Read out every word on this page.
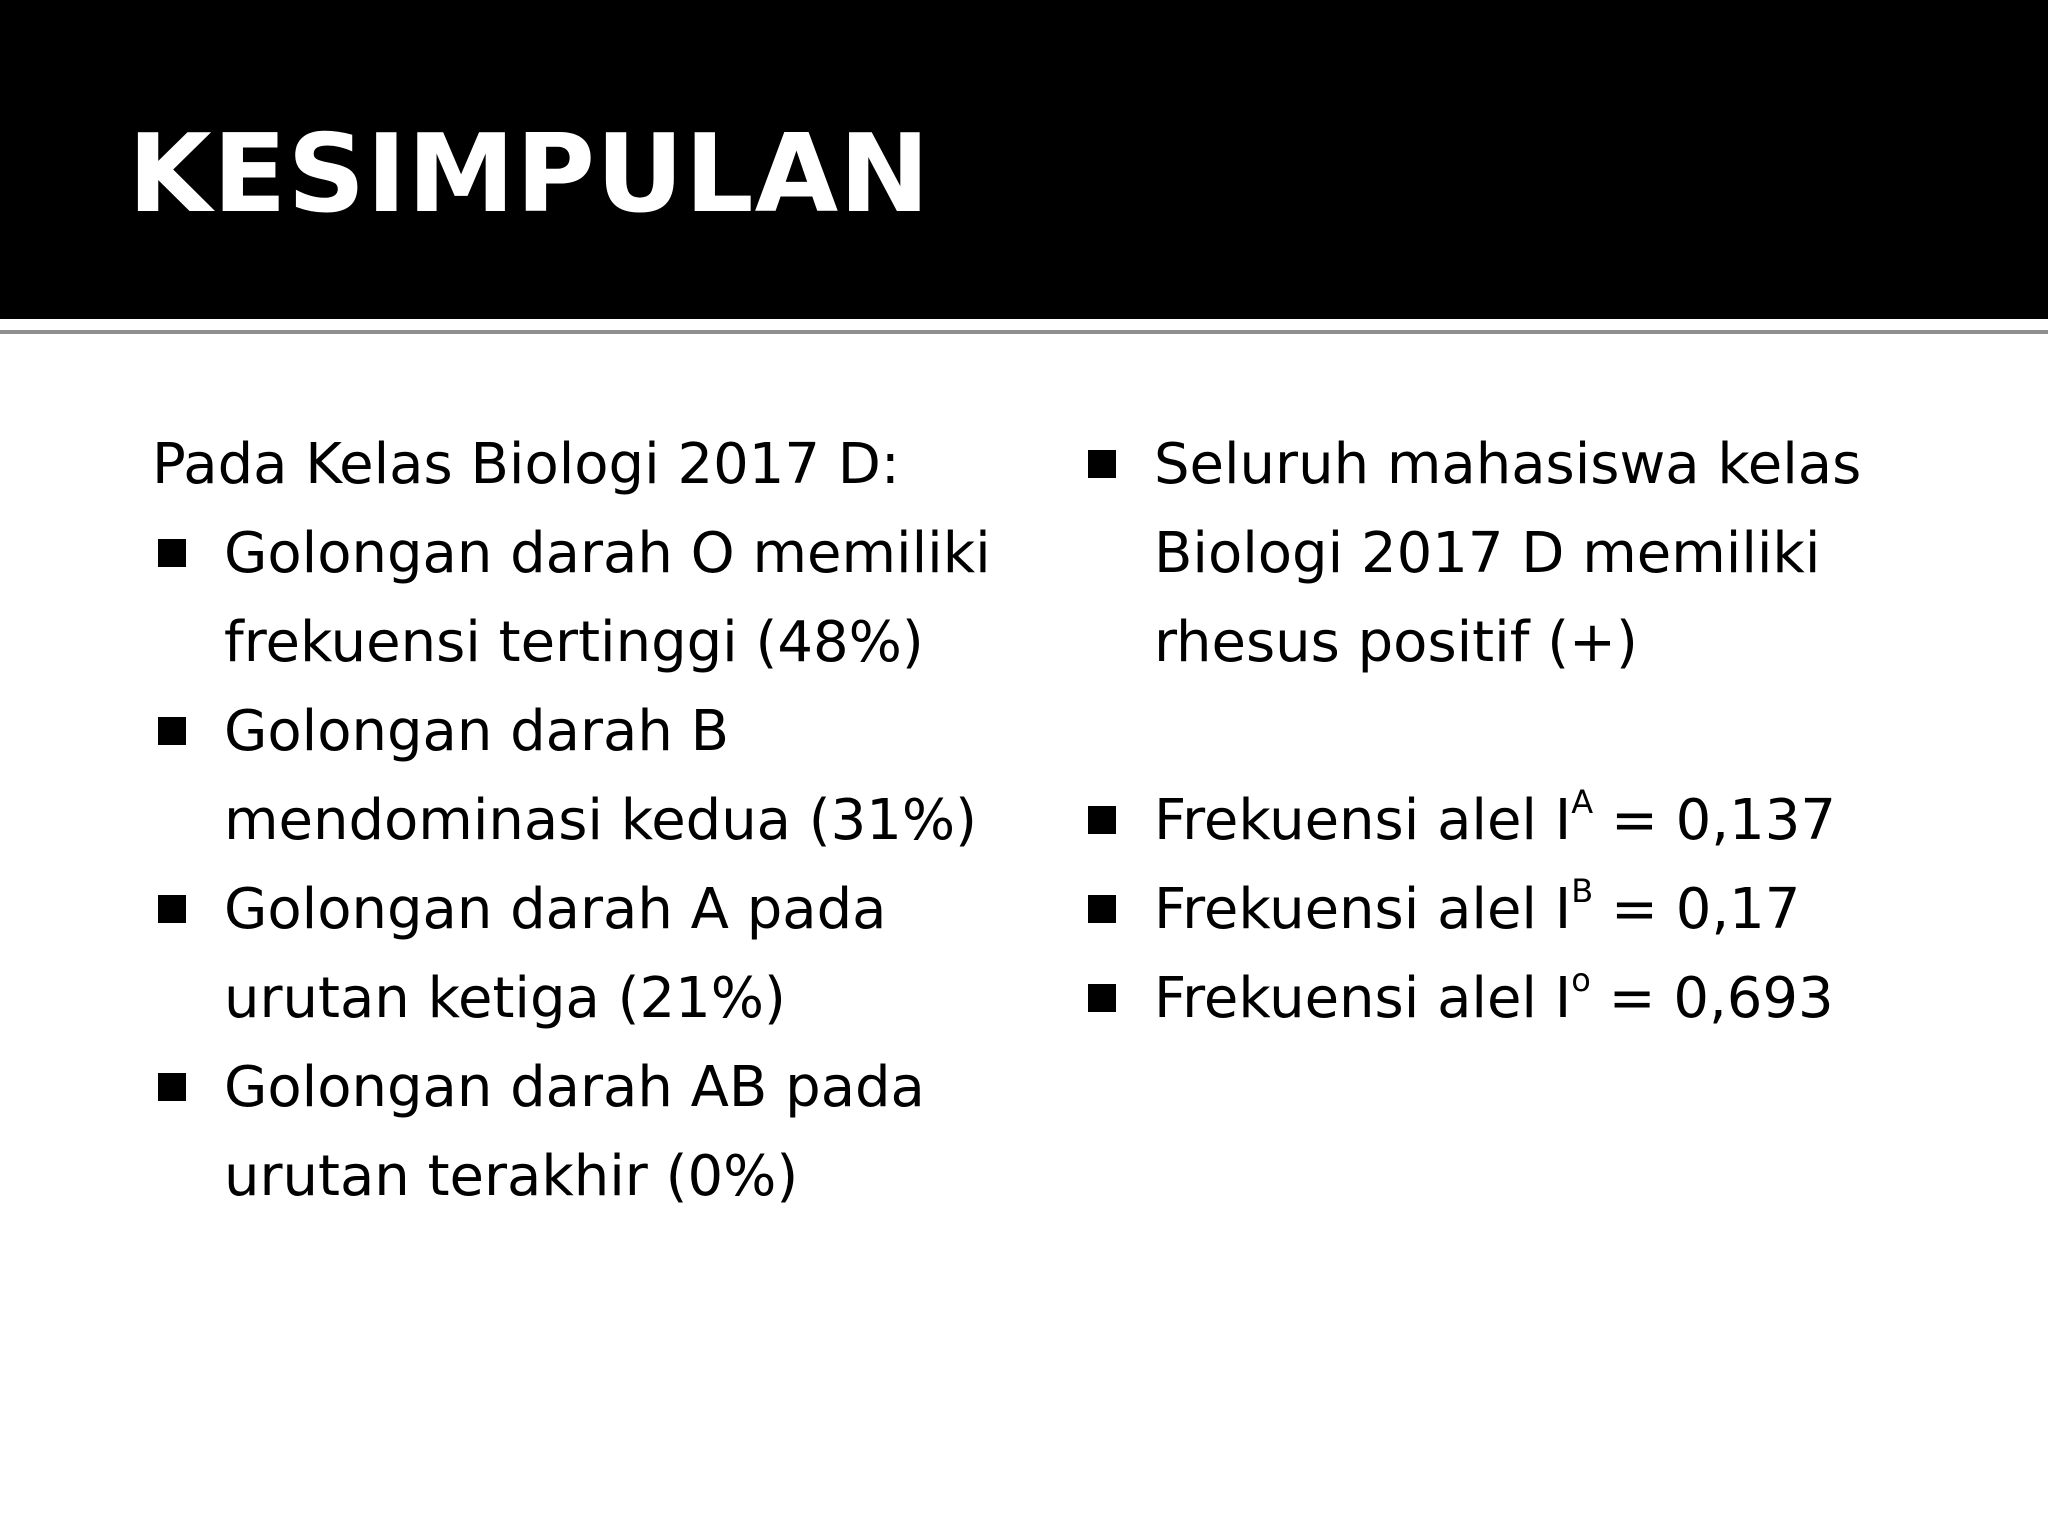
KESIMPULAN

Pada Kelas Biologi 2017 D:

Golongan darah O memiliki frekuensi tertinggi (48%)
Golongan darah B mendominasi kedua (31%)
Golongan darah A pada urutan ketiga (21%)
Golongan darah AB pada urutan terakhir (0%)
Seluruh mahasiswa kelas Biologi 2017 D memiliki rhesus positif (+)
Frekuensi alel $I^A = 0,137$
Frekuensi alel $I^B = 0,17$
Frekuensi alel $I^o = 0,693$
